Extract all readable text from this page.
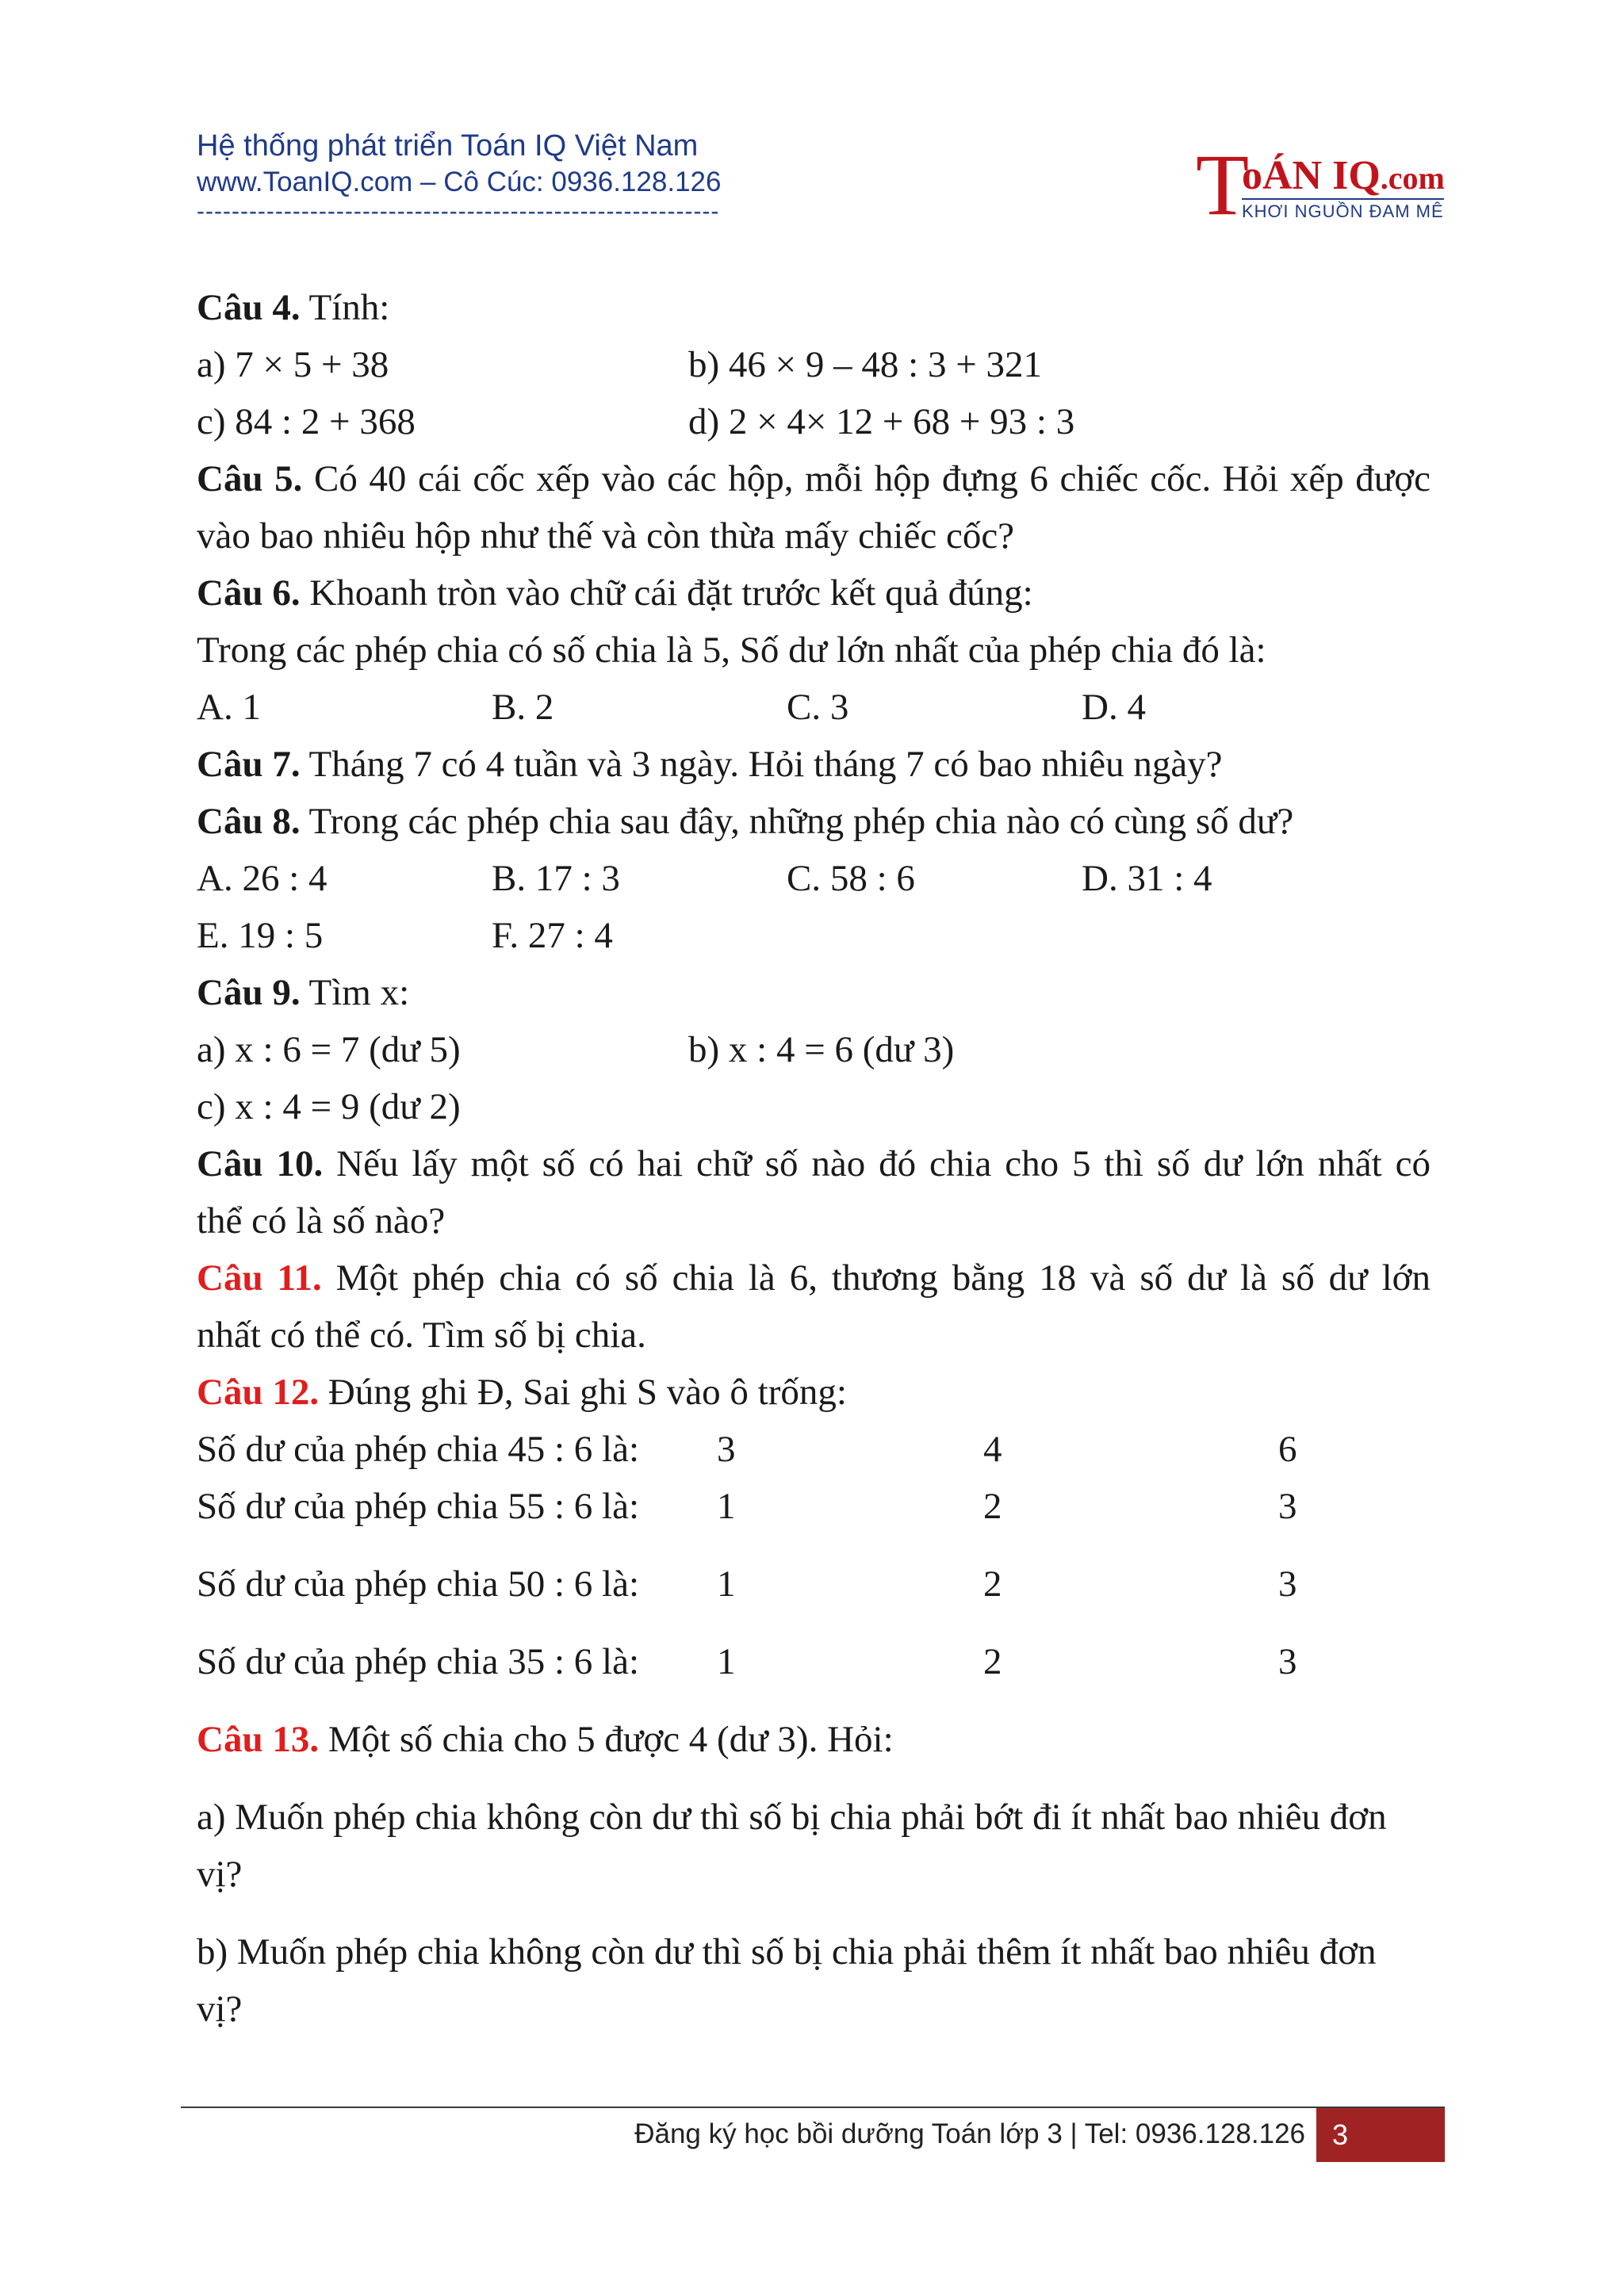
Hệ thống phát triển Toán IQ Việt Nam
www.ToanIQ.com – Cô Cúc: 0936.128.126
------------------------------------------------------------	T
oÁN IQ.com
KHƠI NGUỒN ĐAM MÊ
Câu 4. Tính:
a) 7 × 5 + 38	b) 46 × 9 – 48 : 3 + 321
c) 84 : 2 + 368	d) 2 × 4× 12 + 68 + 93 : 3
Câu 5. Có 40 cái cốc xếp vào các hộp, mỗi hộp đựng 6 chiếc cốc. Hỏi xếp được
vào bao nhiêu hộp như thế và còn thừa mấy chiếc cốc?
Câu 6. Khoanh tròn vào chữ cái đặt trước kết quả đúng:
Trong các phép chia có số chia là 5, Số dư lớn nhất của phép chia đó là:
A. 1	B. 2	C. 3	D. 4
Câu 7. Tháng 7 có 4 tuần và 3 ngày. Hỏi tháng 7 có bao nhiêu ngày?
Câu 8. Trong các phép chia sau đây, những phép chia nào có cùng số dư?
A. 26 : 4	B. 17 : 3	C. 58 : 6	D. 31 : 4
E. 19 : 5	F. 27 : 4
Câu 9. Tìm x:
a) x : 6 = 7 (dư 5)	b) x : 4 = 6 (dư 3)
c) x : 4 = 9 (dư 2)
Câu 10. Nếu lấy một số có hai chữ số nào đó chia cho 5 thì số dư lớn nhất có
thể có là số nào?
Câu 11. Một phép chia có số chia là 6, thương bằng 18 và số dư là số dư lớn
nhất có thể có. Tìm số bị chia.
Câu 12. Đúng ghi Đ, Sai ghi S vào ô trống:
Số dư của phép chia 45 : 6 là: 3	4	6
Số dư của phép chia 55 : 6 là: 1	2	3
Số dư của phép chia 50 : 6 là: 1	2	3
Số dư của phép chia 35 : 6 là: 1	2	3
Câu 13. Một số chia cho 5 được 4 (dư 3). Hỏi:
a) Muốn phép chia không còn dư thì số bị chia phải bớt đi ít nhất bao nhiêu đơn
vị?
b) Muốn phép chia không còn dư thì số bị chia phải thêm ít nhất bao nhiêu đơn
vị?
Đăng ký học bồi dưỡng Toán lớp 3 | Tel: 0936.128.126 3
